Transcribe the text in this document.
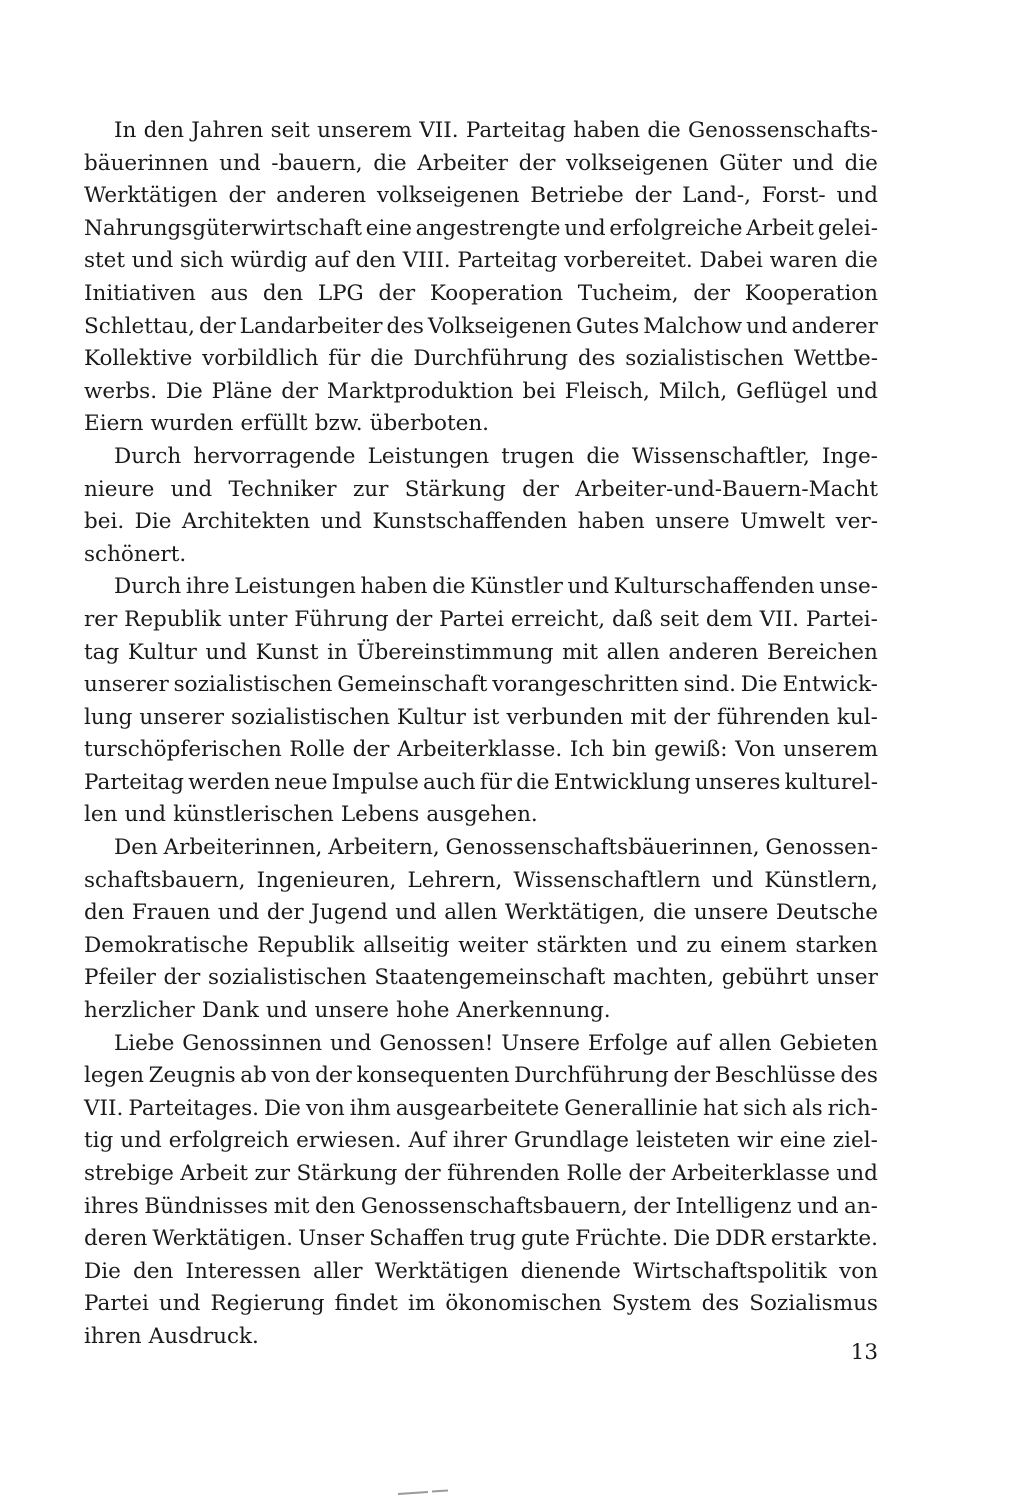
In den Jahren seit unserem VII. Parteitag haben die Genossenschafts-
bäuerinnen und -bauern, die Arbeiter der volkseigenen Güter und die
Werktätigen der anderen volkseigenen Betriebe der Land-, Forst- und
Nahrungsgüterwirtschaft eine angestrengte und erfolgreiche Arbeit gelei-
stet und sich würdig auf den VIII. Parteitag vorbereitet. Dabei waren die
Initiativen aus den LPG der Kooperation Tucheim, der Kooperation
Schlettau, der Landarbeiter des Volkseigenen Gutes Malchow und anderer
Kollektive vorbildlich für die Durchführung des sozialistischen Wettbe-
werbs. Die Pläne der Marktproduktion bei Fleisch, Milch, Geflügel und
Eiern wurden erfüllt bzw. überboten.
Durch hervorragende Leistungen trugen die Wissenschaftler, Inge-
nieure und Techniker zur Stärkung der Arbeiter-und-Bauern-Macht
bei. Die Architekten und Kunstschaffenden haben unsere Umwelt ver-
schönert.
Durch ihre Leistungen haben die Künstler und Kulturschaffenden unse-
rer Republik unter Führung der Partei erreicht, daß seit dem VII. Partei-
tag Kultur und Kunst in Übereinstimmung mit allen anderen Bereichen
unserer sozialistischen Gemeinschaft vorangeschritten sind. Die Entwick-
lung unserer sozialistischen Kultur ist verbunden mit der führenden kul-
turschöpferischen Rolle der Arbeiterklasse. Ich bin gewiß: Von unserem
Parteitag werden neue Impulse auch für die Entwicklung unseres kulturel-
len und künstlerischen Lebens ausgehen.
Den Arbeiterinnen, Arbeitern, Genossenschaftsbäuerinnen, Genossen-
schaftsbauern, Ingenieuren, Lehrern, Wissenschaftlern und Künstlern,
den Frauen und der Jugend und allen Werktätigen, die unsere Deutsche
Demokratische Republik allseitig weiter stärkten und zu einem starken
Pfeiler der sozialistischen Staatengemeinschaft machten, gebührt unser
herzlicher Dank und unsere hohe Anerkennung.
Liebe Genossinnen und Genossen! Unsere Erfolge auf allen Gebieten
legen Zeugnis ab von der konsequenten Durchführung der Beschlüsse des
VII. Parteitages. Die von ihm ausgearbeitete Generallinie hat sich als rich-
tig und erfolgreich erwiesen. Auf ihrer Grundlage leisteten wir eine ziel-
strebige Arbeit zur Stärkung der führenden Rolle der Arbeiterklasse und
ihres Bündnisses mit den Genossenschaftsbauern, der Intelligenz und an-
deren Werktätigen. Unser Schaffen trug gute Früchte. Die DDR erstarkte.
Die den Interessen aller Werktätigen dienende Wirtschaftspolitik von
Partei und Regierung findet im ökonomischen System des Sozialismus
ihren Ausdruck.
13
